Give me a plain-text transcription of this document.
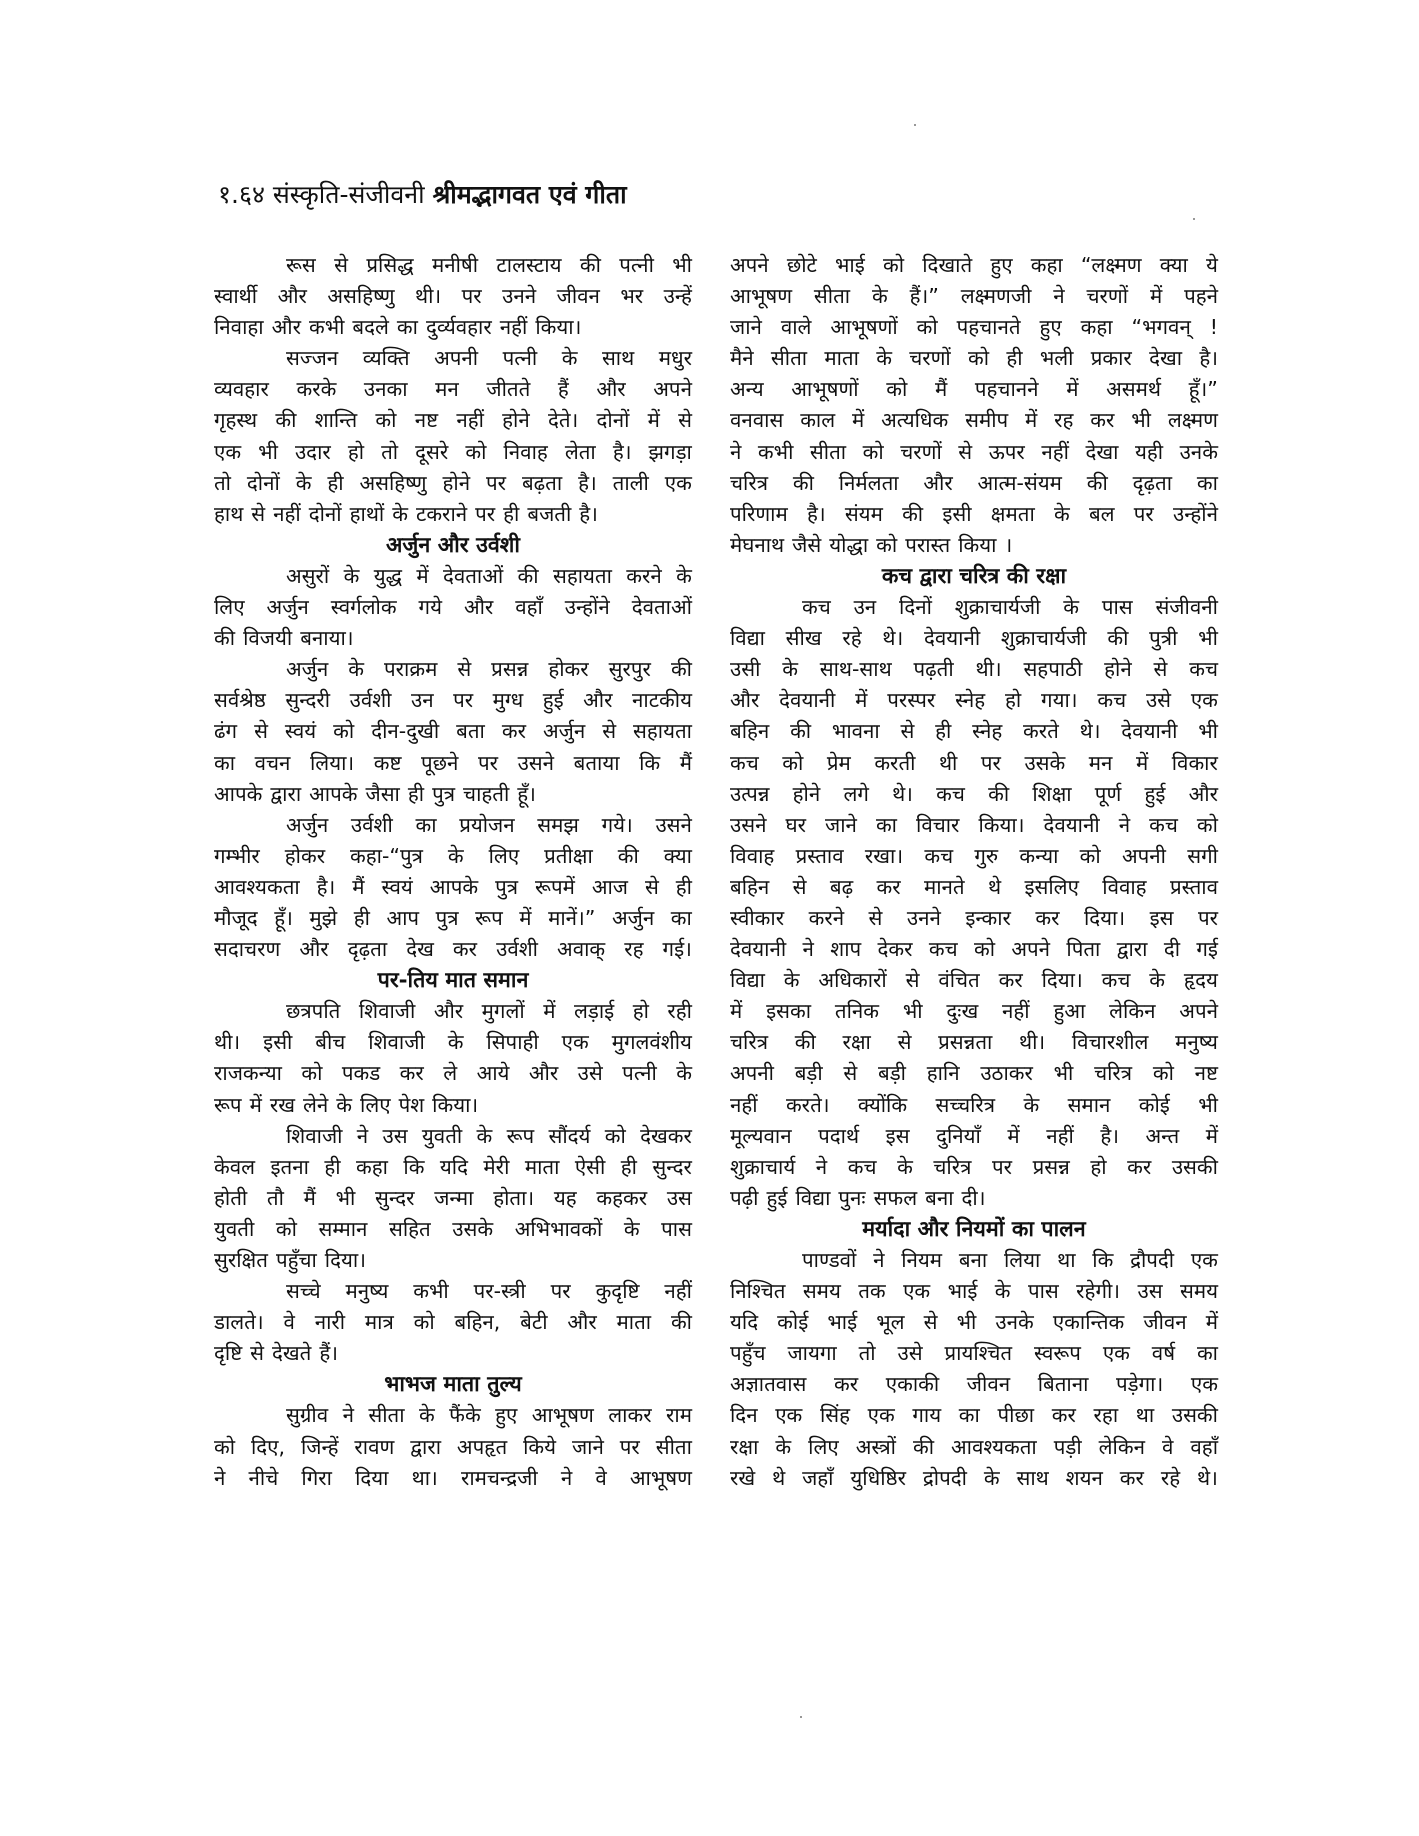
१.६४ संस्कृति-संजीवनी श्रीमद्भागवत एवं गीता
रूस से प्रसिद्ध मनीषी टालस्टाय की पत्नी भी
स्वार्थी और असहिष्णु थी। पर उनने जीवन भर उन्हें
निवाहा और कभी बदले का दुर्व्यवहार नहीं किया।
सज्जन व्यक्ति अपनी पत्नी के साथ मधुर
व्यवहार करके उनका मन जीतते हैं और अपने
गृहस्थ की शान्ति को नष्ट नहीं होने देते। दोनों में से
एक भी उदार हो तो दूसरे को निवाह लेता है। झगड़ा
तो दोनों के ही असहिष्णु होने पर बढ़ता है। ताली एक
हाथ से नहीं दोनों हाथों के टकराने पर ही बजती है।
अर्जुन और उर्वशी
असुरों के युद्ध में देवताओं की सहायता करने के
लिए अर्जुन स्वर्गलोक गये और वहाँ उन्होंने देवताओं
की विजयी बनाया।
अर्जुन के पराक्रम से प्रसन्न होकर सुरपुर की
सर्वश्रेष्ठ सुन्दरी उर्वशी उन पर मुग्ध हुई और नाटकीय
ढंग से स्वयं को दीन-दुखी बता कर अर्जुन से सहायता
का वचन लिया। कष्ट पूछने पर उसने बताया कि मैं
आपके द्वारा आपके जैसा ही पुत्र चाहती हूँ।
अर्जुन उर्वशी का प्रयोजन समझ गये। उसने
गम्भीर होकर कहा-“पुत्र के लिए प्रतीक्षा की क्या
आवश्यकता है। मैं स्वयं आपके पुत्र रूपमें आज से ही
मौजूद हूँ। मुझे ही आप पुत्र रूप में मानें।” अर्जुन का
सदाचरण और दृढ़ता देख कर उर्वशी अवाक् रह गई।
पर-तिय मात समान
छत्रपति शिवाजी और मुगलों में लड़ाई हो रही
थी। इसी बीच शिवाजी के सिपाही एक मुगलवंशीय
राजकन्या को पकड कर ले आये और उसे पत्नी के
रूप में रख लेने के लिए पेश किया।
शिवाजी ने उस युवती के रूप सौंदर्य को देखकर
केवल इतना ही कहा कि यदि मेरी माता ऐसी ही सुन्दर
होती तौ मैं भी सुन्दर जन्मा होता। यह कहकर उस
युवती को सम्मान सहित उसके अभिभावकों के पास
सुरक्षित पहुँचा दिया।
सच्चे मनुष्य कभी पर-स्त्री पर कुदृष्टि नहीं
डालते। वे नारी मात्र को बहिन, बेटी और माता की
दृष्टि से देखते हैं।
भाभज माता तुल्य
सुग्रीव ने सीता के फैंके हुए आभूषण लाकर राम
को दिए, जिन्हें रावण द्वारा अपहृत किये जाने पर सीता
ने नीचे गिरा दिया था। रामचन्द्रजी ने वे आभूषण
अपने छोटे भाई को दिखाते हुए कहा “लक्ष्मण क्या ये
आभूषण सीता के हैं।” लक्ष्मणजी ने चरणों में पहने
जाने वाले आभूषणों को पहचानते हुए कहा “भगवन् !
मैने सीता माता के चरणों को ही भली प्रकार देखा है।
अन्य आभूषणों को मैं पहचानने में असमर्थ हूँ।”
वनवास काल में अत्यधिक समीप में रह कर भी लक्ष्मण
ने कभी सीता को चरणों से ऊपर नहीं देखा यही उनके
चरित्र की निर्मलता और आत्म-संयम की दृढ़ता का
परिणाम है। संयम की इसी क्षमता के बल पर उन्होंने
मेघनाथ जैसे योद्धा को परास्त किया ।
कच द्वारा चरित्र की रक्षा
कच उन दिनों शुक्राचार्यजी के पास संजीवनी
विद्या सीख रहे थे। देवयानी शुक्राचार्यजी की पुत्री भी
उसी के साथ-साथ पढ़ती थी। सहपाठी होने से कच
और देवयानी में परस्पर स्नेह हो गया। कच उसे एक
बहिन की भावना से ही स्नेह करते थे। देवयानी भी
कच को प्रेम करती थी पर उसके मन में विकार
उत्पन्न होने लगे थे। कच की शिक्षा पूर्ण हुई और
उसने घर जाने का विचार किया। देवयानी ने कच को
विवाह प्रस्ताव रखा। कच गुरु कन्या को अपनी सगी
बहिन से बढ़ कर मानते थे इसलिए विवाह प्रस्ताव
स्वीकार करने से उनने इन्कार कर दिया। इस पर
देवयानी ने शाप देकर कच को अपने पिता द्वारा दी गई
विद्या के अधिकारों से वंचित कर दिया। कच के हृदय
में इसका तनिक भी दुःख नहीं हुआ लेकिन अपने
चरित्र की रक्षा से प्रसन्नता थी। विचारशील मनुष्य
अपनी बड़ी से बड़ी हानि उठाकर भी चरित्र को नष्ट
नहीं करते। क्योंकि सच्चरित्र के समान कोई भी
मूल्यवान पदार्थ इस दुनियाँ में नहीं है। अन्त में
शुक्राचार्य ने कच के चरित्र पर प्रसन्न हो कर उसकी
पढ़ी हुई विद्या पुनः सफल बना दी।
मर्यादा और नियमों का पालन
पाण्डवों ने नियम बना लिया था कि द्रौपदी एक
निश्चित समय तक एक भाई के पास रहेगी। उस समय
यदि कोई भाई भूल से भी उनके एकान्तिक जीवन में
पहुँच जायगा तो उसे प्रायश्चित स्वरूप एक वर्ष का
अज्ञातवास कर एकाकी जीवन बिताना पड़ेगा। एक
दिन एक सिंह एक गाय का पीछा कर रहा था उसकी
रक्षा के लिए अस्त्रों की आवश्यकता पड़ी लेकिन वे वहाँ
रखे थे जहाँ युधिष्ठिर द्रोपदी के साथ शयन कर रहे थे।
